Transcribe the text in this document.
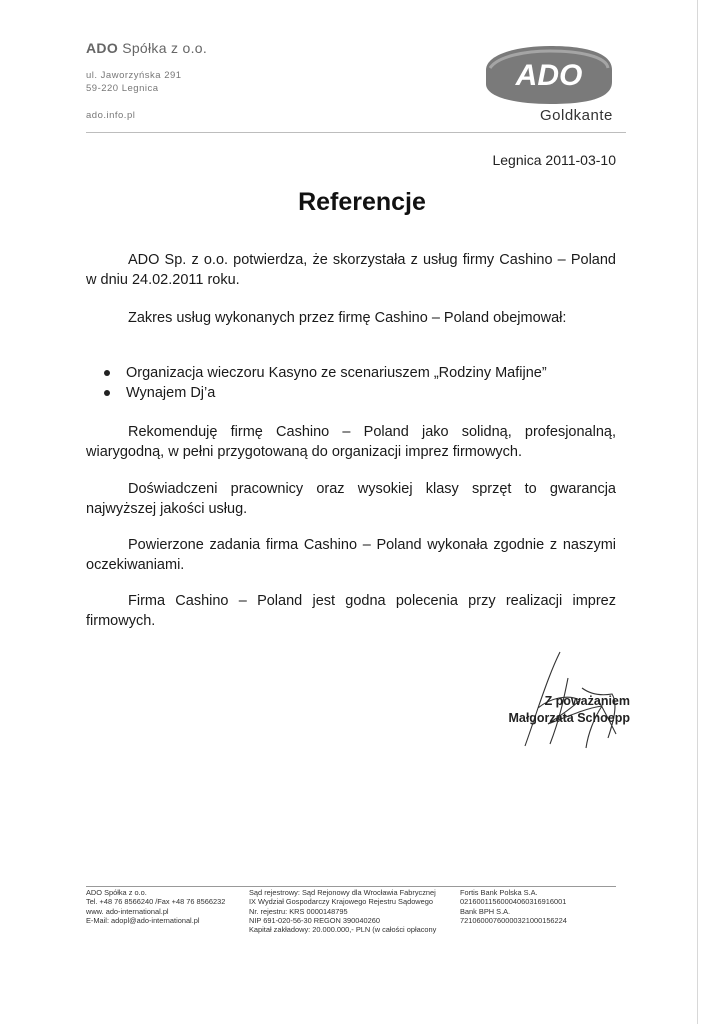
ADO Spółka z o.o.

ul. Jaworzyńska 291

59-220 Legnica

ado.info.pl

ADO
Goldkante

Legnica 2011-03-10

Referencje

ADO Sp. z o.o. potwierdza, że skorzystała z usług firmy Cashino – Poland w dniu 24.02.2011 roku.

Zakres usług wykonanych przez firmę Cashino – Poland obejmował:

Organizacja wieczoru Kasyno ze scenariuszem „Rodziny Mafijne”
Wynajem Dj’a

Rekomenduję firmę Cashino – Poland jako solidną, profesjonalną, wiarygodną, w pełni przygotowaną do organizacji imprez firmowych.

Doświadczeni pracownicy oraz wysokiej klasy sprzęt to gwarancja najwyższej jakości usług.

Powierzone zadania firma Cashino – Poland wykonała zgodnie z naszymi oczekiwaniami.

Firma Cashino – Poland jest godna polecenia przy realizacji imprez firmowych.

Z poważaniem
Małgorzata Schoepp
ADO Spółka z o.o.
Tel. +48 76 8566240 /Fax +48 76 8566232
www. ado-international.pl
E-Mail: adopl@ado-international.pl
Sąd rejestrowy: Sąd Rejonowy dla Wrocławia Fabrycznej
IX Wydział Gospodarczy Krajowego Rejestru Sądowego
Nr. rejestru: KRS 0000148795
NIP 691-020-56-30 REGON 390040260
Kapitał zakładowy: 20.000.000,- PLN (w całości opłacony
Fortis Bank Polska S.A.
02160011560004060316916001
Bank BPH S.A.
72106000760000321000156224
